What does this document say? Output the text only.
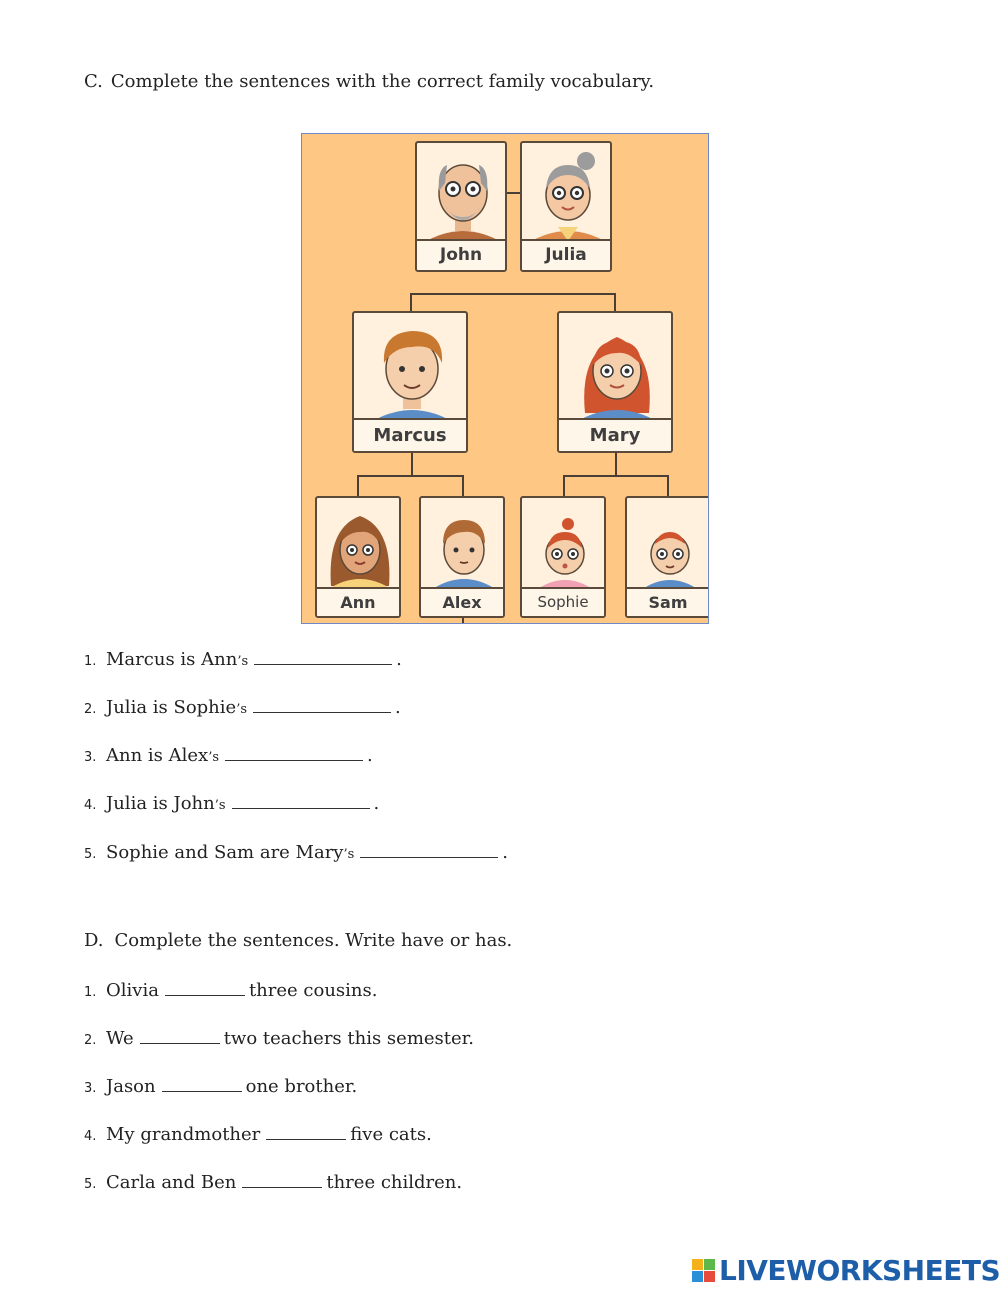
C. Complete the sentences with the correct family vocabulary.
John	Julia
Marcus	Mary
Ann	Alex	Sophie	Sam
1. Marcus is Ann ’s	.
2. Julia is Sophie ’s	.
3. Ann is Alex ’s	.
4. Julia is John ’s	.
5. Sophie and Sam are Mary ’s	.
D. Complete the sentences. Write have or has.
1. Olivia	three cousins.
2. We	two teachers this semester.
3. Jason	one brother.
4. My grandmother	five cats.
5. Carla and Ben	three children.
LIVEWORKSHEETS
